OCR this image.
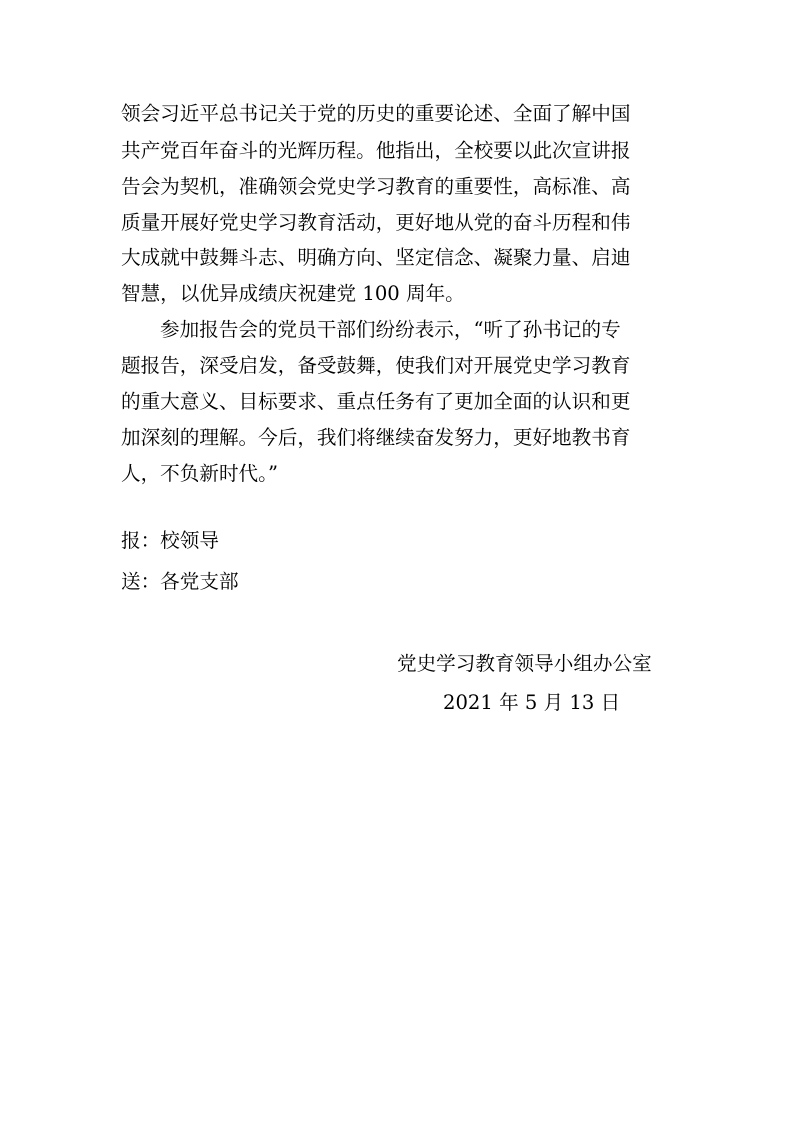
领会习近平总书记关于党的历史的重要论述、全面了解中国
共产党百年奋斗的光辉历程。他指出，全校要以此次宣讲报
告会为契机，准确领会党史学习教育的重要性，高标准、高
质量开展好党史学习教育活动，更好地从党的奋斗历程和伟
大成就中鼓舞斗志、明确方向、坚定信念、凝聚力量、启迪
智慧，以优异成绩庆祝建党 100 周年。
参加报告会的党员干部们纷纷表示，“听了孙书记的专
题报告，深受启发，备受鼓舞，使我们对开展党史学习教育
的重大意义、目标要求、重点任务有了更加全面的认识和更
加深刻的理解。今后，我们将继续奋发努力，更好地教书育
人，不负新时代。”
报：校领导
送：各党支部
党史学习教育领导小组办公室
2021 年 5 月 13 日
